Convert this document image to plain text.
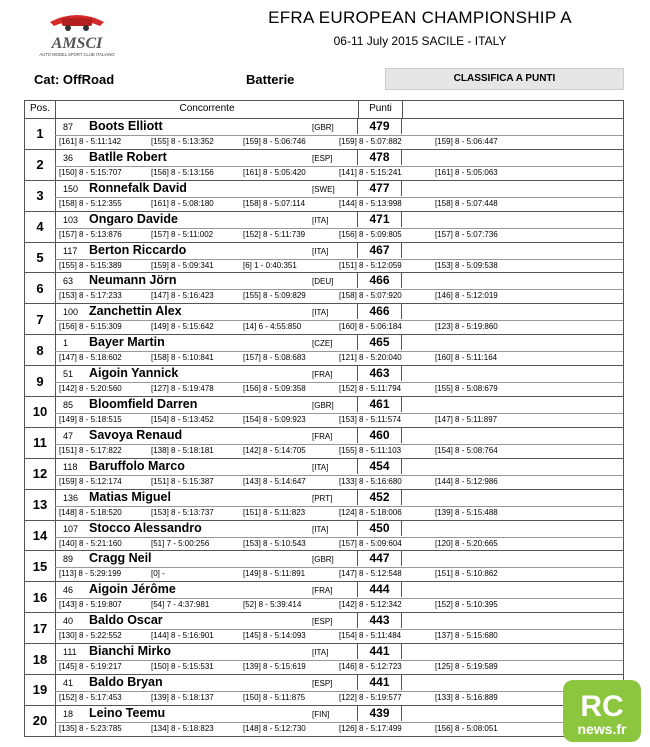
AMSCI
AUTO MODEL SPORT CLUB ITALIANO
EFRA EUROPEAN CHAMPIONSHIP A
06-11 July 2015 SACILE - ITALY
Cat: OffRoad	Batterie	CLASSIFICA A PUNTI
Pos.	Concorrente	Punti
1	87 Boots Elliott	[GBR]	479
[161] 8 - 5:11:142	[155] 8 - 5:13:352	[159] 8 - 5:06:746	[159] 8 - 5:07:882	[159] 8 - 5:06:447
2	36 Batlle Robert	[ESP]	478
[150] 8 - 5:15:707	[156] 8 - 5:13:156	[161] 8 - 5:05:420	[141] 8 - 5:15:241	[161] 8 - 5:05:063
3	150 Ronnefalk David	[SWE]	477
[158] 8 - 5:12:355	[161] 8 - 5:08:180	[158] 8 - 5:07:114	[144] 8 - 5:13:998	[158] 8 - 5:07:448
4	103 Ongaro Davide	[ITA]	471
[157] 8 - 5:13:876	[157] 8 - 5:11:002	[152] 8 - 5:11:739	[156] 8 - 5:09:805	[157] 8 - 5:07:736
5	117 Berton Riccardo	[ITA]	467
[155] 8 - 5:15:389	[159] 8 - 5:09:341	[6] 1 - 0:40:351	[151] 8 - 5:12:059	[153] 8 - 5:09:538
6	63 Neumann Jörn	[DEU]	466
[153] 8 - 5:17:233	[147] 8 - 5:16:423	[155] 8 - 5:09:829	[158] 8 - 5:07:920	[146] 8 - 5:12:019
7	100 Zanchettin Alex	[ITA]	466
[156] 8 - 5:15:309	[149] 8 - 5:15:642	[14] 6 - 4:55:850	[160] 8 - 5:06:184	[123] 8 - 5:19:860
8	1 Bayer Martin	[CZE]	465
[147] 8 - 5:18:602	[158] 8 - 5:10:841	[157] 8 - 5:08:683	[121] 8 - 5:20:040	[160] 8 - 5:11:164
9	51 Aigoin Yannick	[FRA]	463
[142] 8 - 5:20:560	[127] 8 - 5:19:478	[156] 8 - 5:09:358	[152] 8 - 5:11:794	[155] 8 - 5:08:679
10	85 Bloomfield Darren	[GBR]	461
[149] 8 - 5:18:515	[154] 8 - 5:13:452	[154] 8 - 5:09:923	[153] 8 - 5:11:574	[147] 8 - 5:11:897
11	47 Savoya Renaud	[FRA]	460
[151] 8 - 5:17:822	[138] 8 - 5:18:181	[142] 8 - 5:14:705	[155] 8 - 5:11:103	[154] 8 - 5:08:764
12	118 Baruffolo Marco	[ITA]	454
[159] 8 - 5:12:174	[151] 8 - 5:15:387	[143] 8 - 5:14:647	[133] 8 - 5:16:680	[144] 8 - 5:12:986
13	136 Matias Miguel	[PRT]	452
[148] 8 - 5:18:520	[153] 8 - 5:13:737	[151] 8 - 5:11:823	[124] 8 - 5:18:006	[139] 8 - 5:15:488
14	107 Stocco Alessandro	[ITA]	450
[140] 8 - 5:21:160	[51] 7 - 5:00:256	[153] 8 - 5:10:543	[157] 8 - 5:09:604	[120] 8 - 5:20:665
15	89 Cragg Neil	[GBR]	447
[113] 8 - 5:29:199	[0] -	[149] 8 - 5:11:891	[147] 8 - 5:12:548	[151] 8 - 5:10:862
16	46 Aigoin Jérôme	[FRA]	444
[143] 8 - 5:19:807	[54] 7 - 4:37:981	[52] 8 - 5:39:414	[142] 8 - 5:12:342	[152] 8 - 5:10:395
17	40 Baldo Oscar	[ESP]	443
[130] 8 - 5:22:552	[144] 8 - 5:16:901	[145] 8 - 5:14:093	[154] 8 - 5:11:484	[137] 8 - 5:15:680
18	111 Bianchi Mirko	[ITA]	441
[145] 8 - 5:19:217	[150] 8 - 5:15:531	[139] 8 - 5:15:619	[146] 8 - 5:12:723	[125] 8 - 5:19:589
19	41 Baldo Bryan	[ESP]	441
[152] 8 - 5:17:453	[139] 8 - 5:18:137	[150] 8 - 5:11:875	[122] 8 - 5:19:577	[133] 8 - 5:16:889
20	18 Leino Teemu	[FIN]	439
[135] 8 - 5:23:785	[134] 8 - 5:18:823	[148] 8 - 5:12:730	[126] 8 - 5:17:499	[156] 8 - 5:08:051
RC
news.fr
